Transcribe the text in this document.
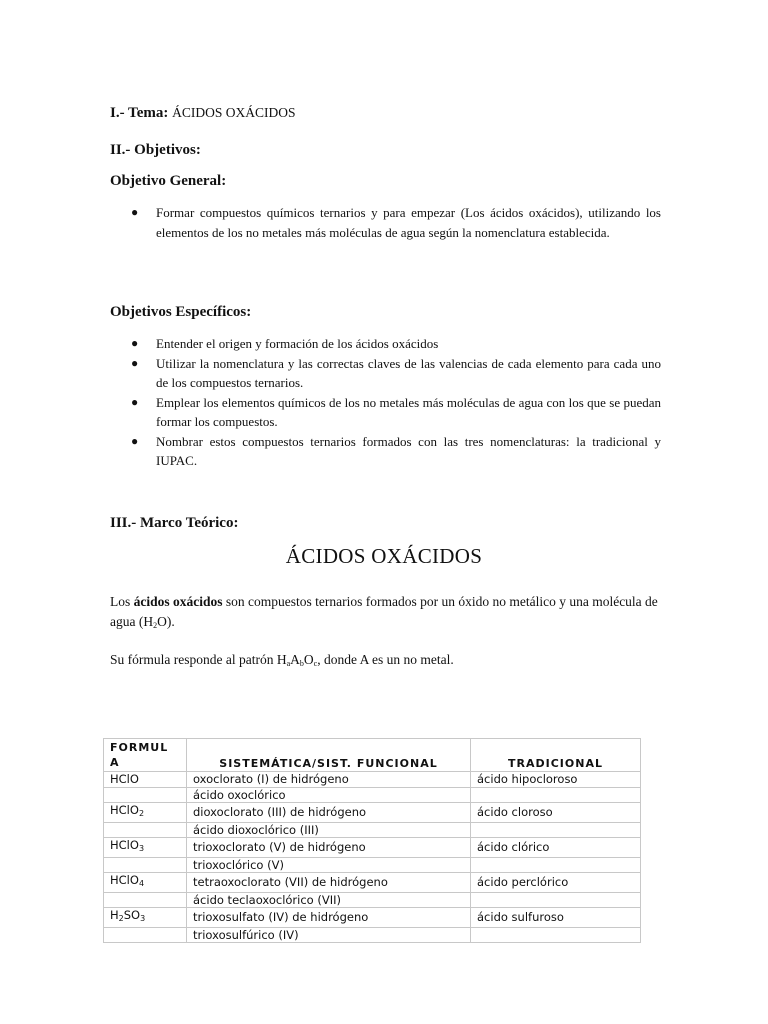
I.- Tema: ÁCIDOS OXÁCIDOS
II.- Objetivos:
Objetivo General:
● Formar compuestos químicos ternarios y para empezar (Los ácidos oxácidos), utilizando los elementos de los no metales más moléculas de agua según la nomenclatura establecida.
Objetivos Específicos:
● Entender el origen y formación de los ácidos oxácidos
● Utilizar la nomenclatura y las correctas claves de las valencias de cada elemento para cada uno de los compuestos ternarios.
● Emplear los elementos químicos de los no metales más moléculas de agua con los que se puedan formar los compuestos.
● Nombrar estos compuestos ternarios formados con las tres nomenclaturas: la tradicional y IUPAC.
III.- Marco Teórico:
ÁCIDOS OXÁCIDOS
Los ácidos oxácidos son compuestos ternarios formados por un óxido no metálico y una molécula de agua $(H_2O)$.
Su fórmula responde al patrón $H_aA_bO_c$, donde A es un no metal.
FORMUL A	SISTEMÁTICA/SIST. FUNCIONAL	TRADICIONAL
HClO	oxoclorato (I) de hidrógeno	ácido hipocloroso
	ácido oxoclórico	
HClO$_2$	dioxoclorato (III) de hidrógeno	ácido cloroso
	ácido dioxoclórico (III)	
HClO$_3$	trioxoclorato (V) de hidrógeno	ácido clórico
	trioxoclórico (V)	
HClO$_4$	tetraoxoclorato (VII) de hidrógeno	ácido perclórico
	ácido teclaoxoclórico (VII)	
$H_2SO_3$	trioxosulfato (IV) de hidrógeno	ácido sulfuroso
	trioxosulfúrico (IV)	
